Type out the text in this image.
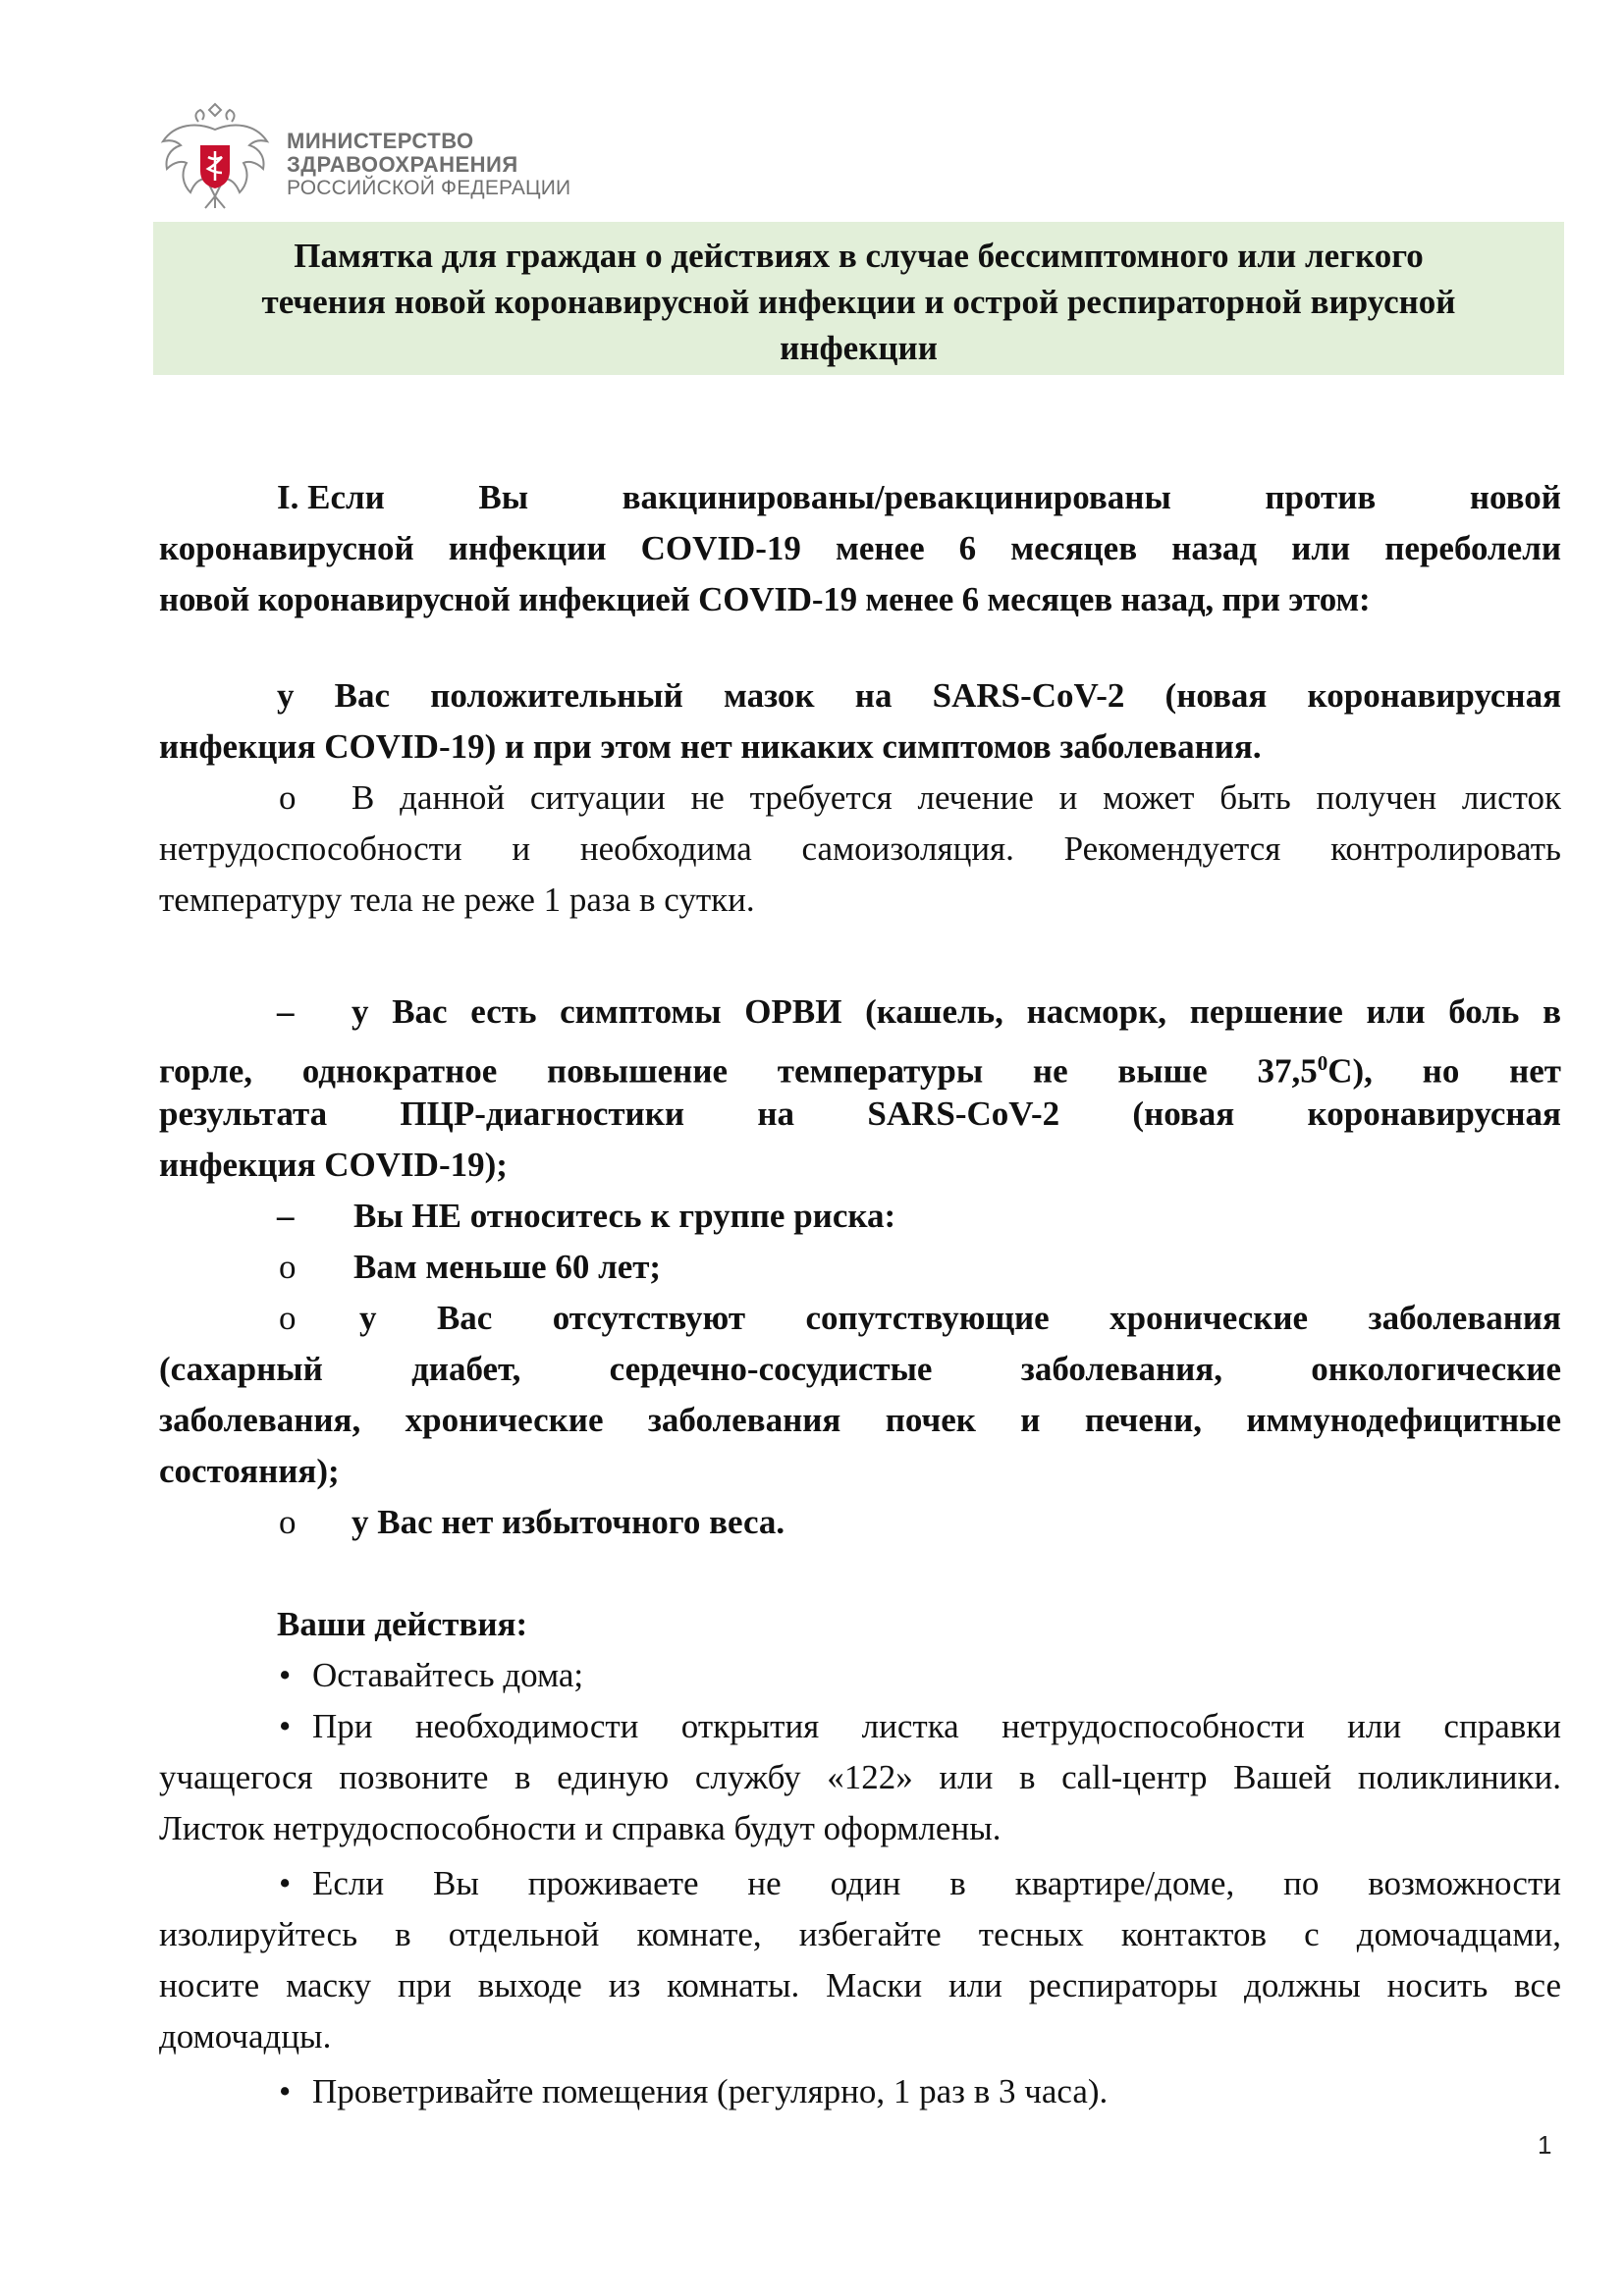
МИНИСТЕРСТВО
ЗДРАВООХРАНЕНИЯ
РОССИЙСКОЙ ФЕДЕРАЦИИ
Памятка для граждан о действиях в случае бессимптомного или легкого
течения новой коронавирусной инфекции и острой респираторной вирусной
инфекции
I. Если	Вы	вакцинированы/ревакцинированы	против	новой
коронавирусной инфекции COVID-19 менее 6 месяцев назад или переболели
новой коронавирусной инфекцией COVID-19 менее 6 месяцев назад, при этом:
у Вас положительный мазок на SARS-CoV-2 (новая коронавирусная
инфекция COVID-19) и при этом нет никаких симптомов заболевания.
o В данной ситуации не требуется лечение и может быть получен листок
нетрудоспособности и необходима самоизоляция. Рекомендуется контролировать
температуру тела не реже 1 раза в сутки.
– у Вас есть симптомы ОРВИ (кашель, насморк, першение или боль в
горле, однократное повышение температуры не выше 37,5$^0$С), но нет
результата ПЦР-диагностики на SARS-CoV-2 (новая коронавирусная
инфекция COVID-19);
– Вы НЕ относитесь к группе риска:
o Вам меньше 60 лет;
o у Вас отсутствуют сопутствующие хронические заболевания
(сахарный диабет, сердечно-сосудистые заболевания, онкологические
заболевания, хронические заболевания почек и печени, иммунодефицитные
состояния);
o у Вас нет избыточного веса.
Ваши действия:
• Оставайтесь дома;
• При необходимости открытия листка нетрудоспособности или справки
учащегося позвоните в единую службу «122» или в call-центр Вашей поликлиники.
Листок нетрудоспособности и справка будут оформлены.
• Если Вы проживаете не один в квартире/доме, по возможности
изолируйтесь в отдельной комнате, избегайте тесных контактов с домочадцами,
носите маску при выходе из комнаты. Маски или респираторы должны носить все
домочадцы.
• Проветривайте помещения (регулярно, 1 раз в 3 часа).
1
